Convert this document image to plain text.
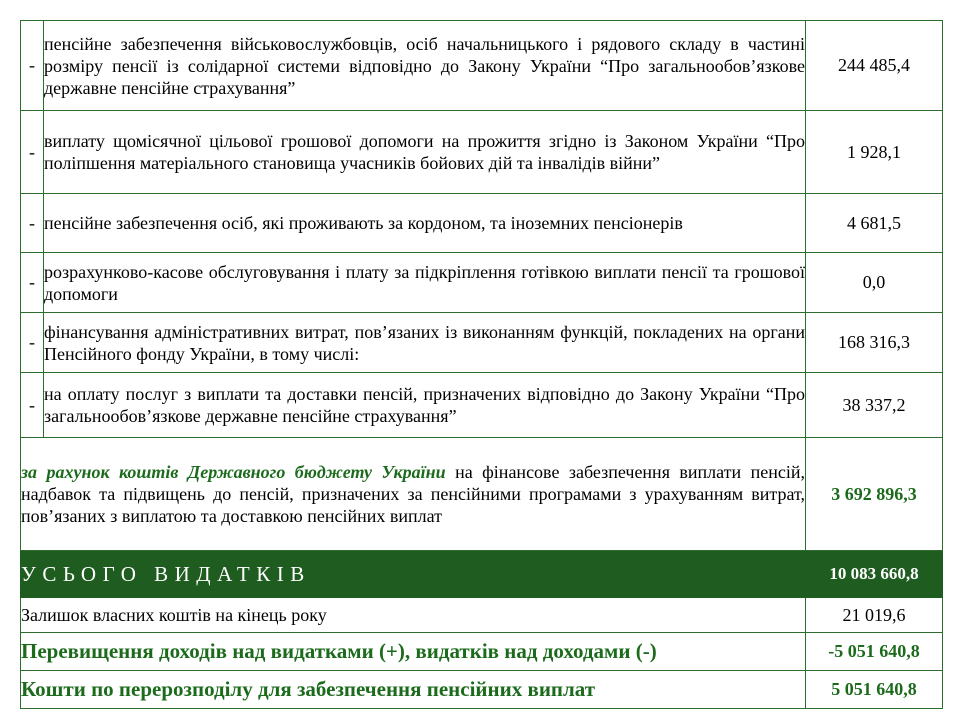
-	пенсійне забезпечення військовослужбовців, осіб начальницького і рядового складу в частині розміру пенсії із солідарної системи відповідно до Закону України “Про загальнообов’язкове державне пенсійне страхування”	244 485,4
-	виплату щомісячної цільової грошової допомоги на прожиття згідно із Законом України “Про поліпшення матеріального становища учасників бойових дій та інвалідів війни”	1 928,1
-	пенсійне забезпечення осіб, які проживають за кордоном, та іноземних пенсіонерів	4 681,5
-	розрахунково-касове обслуговування і плату за підкріплення готівкою виплати пенсії та грошової допомоги	0,0
-	фінансування адміністративних витрат, пов’язаних із виконанням функцій, покладених на органи Пенсійного фонду України, в тому числі:	168 316,3
-	на оплату послуг з виплати та доставки пенсій, призначених відповідно до Закону України “Про загальнообов’язкове державне пенсійне страхування”	38 337,2
за рахунок коштів Державного бюджету України на фінансове забезпечення виплати пенсій, надбавок та підвищень до пенсій, призначених за пенсійними програмами з урахуванням витрат, пов’язаних з виплатою та доставкою пенсійних виплат		3 692 896,3
УСЬОГО ВИДАТКІВ		10 083 660,8
Залишок власних коштів на кінець року		21 019,6
Перевищення доходів над видатками (+), видатків над доходами (-)		-5 051 640,8
Кошти по перерозподілу для забезпечення пенсійних виплат		5 051 640,8
